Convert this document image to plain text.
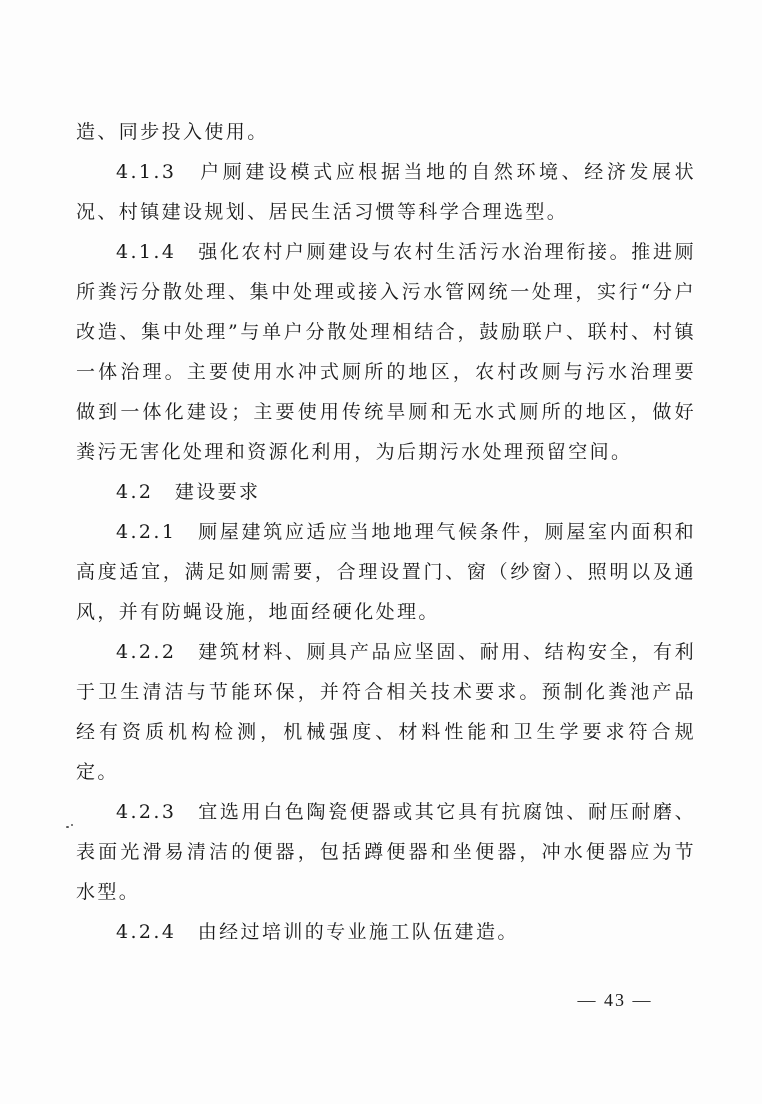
造、同步投入使用。

4.1.3　户厕建设模式应根据当地的自然环境、经济发展状况、村镇建设规划、居民生活习惯等科学合理选型。

4.1.4　强化农村户厕建设与农村生活污水治理衔接。推进厕所粪污分散处理、集中处理或接入污水管网统一处理，实行“分户改造、集中处理”与单户分散处理相结合，鼓励联户、联村、村镇一体治理。主要使用水冲式厕所的地区，农村改厕与污水治理要做到一体化建设；主要使用传统旱厕和无水式厕所的地区，做好粪污无害化处理和资源化利用，为后期污水处理预留空间。

4.2　建设要求

4.2.1　厕屋建筑应适应当地地理气候条件，厕屋室内面积和高度适宜，满足如厕需要，合理设置门、窗（纱窗）、照明以及通风，并有防蝇设施，地面经硬化处理。

4.2.2　建筑材料、厕具产品应坚固、耐用、结构安全，有利于卫生清洁与节能环保，并符合相关技术要求。预制化粪池产品经有资质机构检测，机械强度、材料性能和卫生学要求符合规定。

4.2.3　宜选用白色陶瓷便器或其它具有抗腐蚀、耐压耐磨、表面光滑易清洁的便器，包括蹲便器和坐便器，冲水便器应为节水型。

4.2.4　由经过培训的专业施工队伍建造。

— 43 —
